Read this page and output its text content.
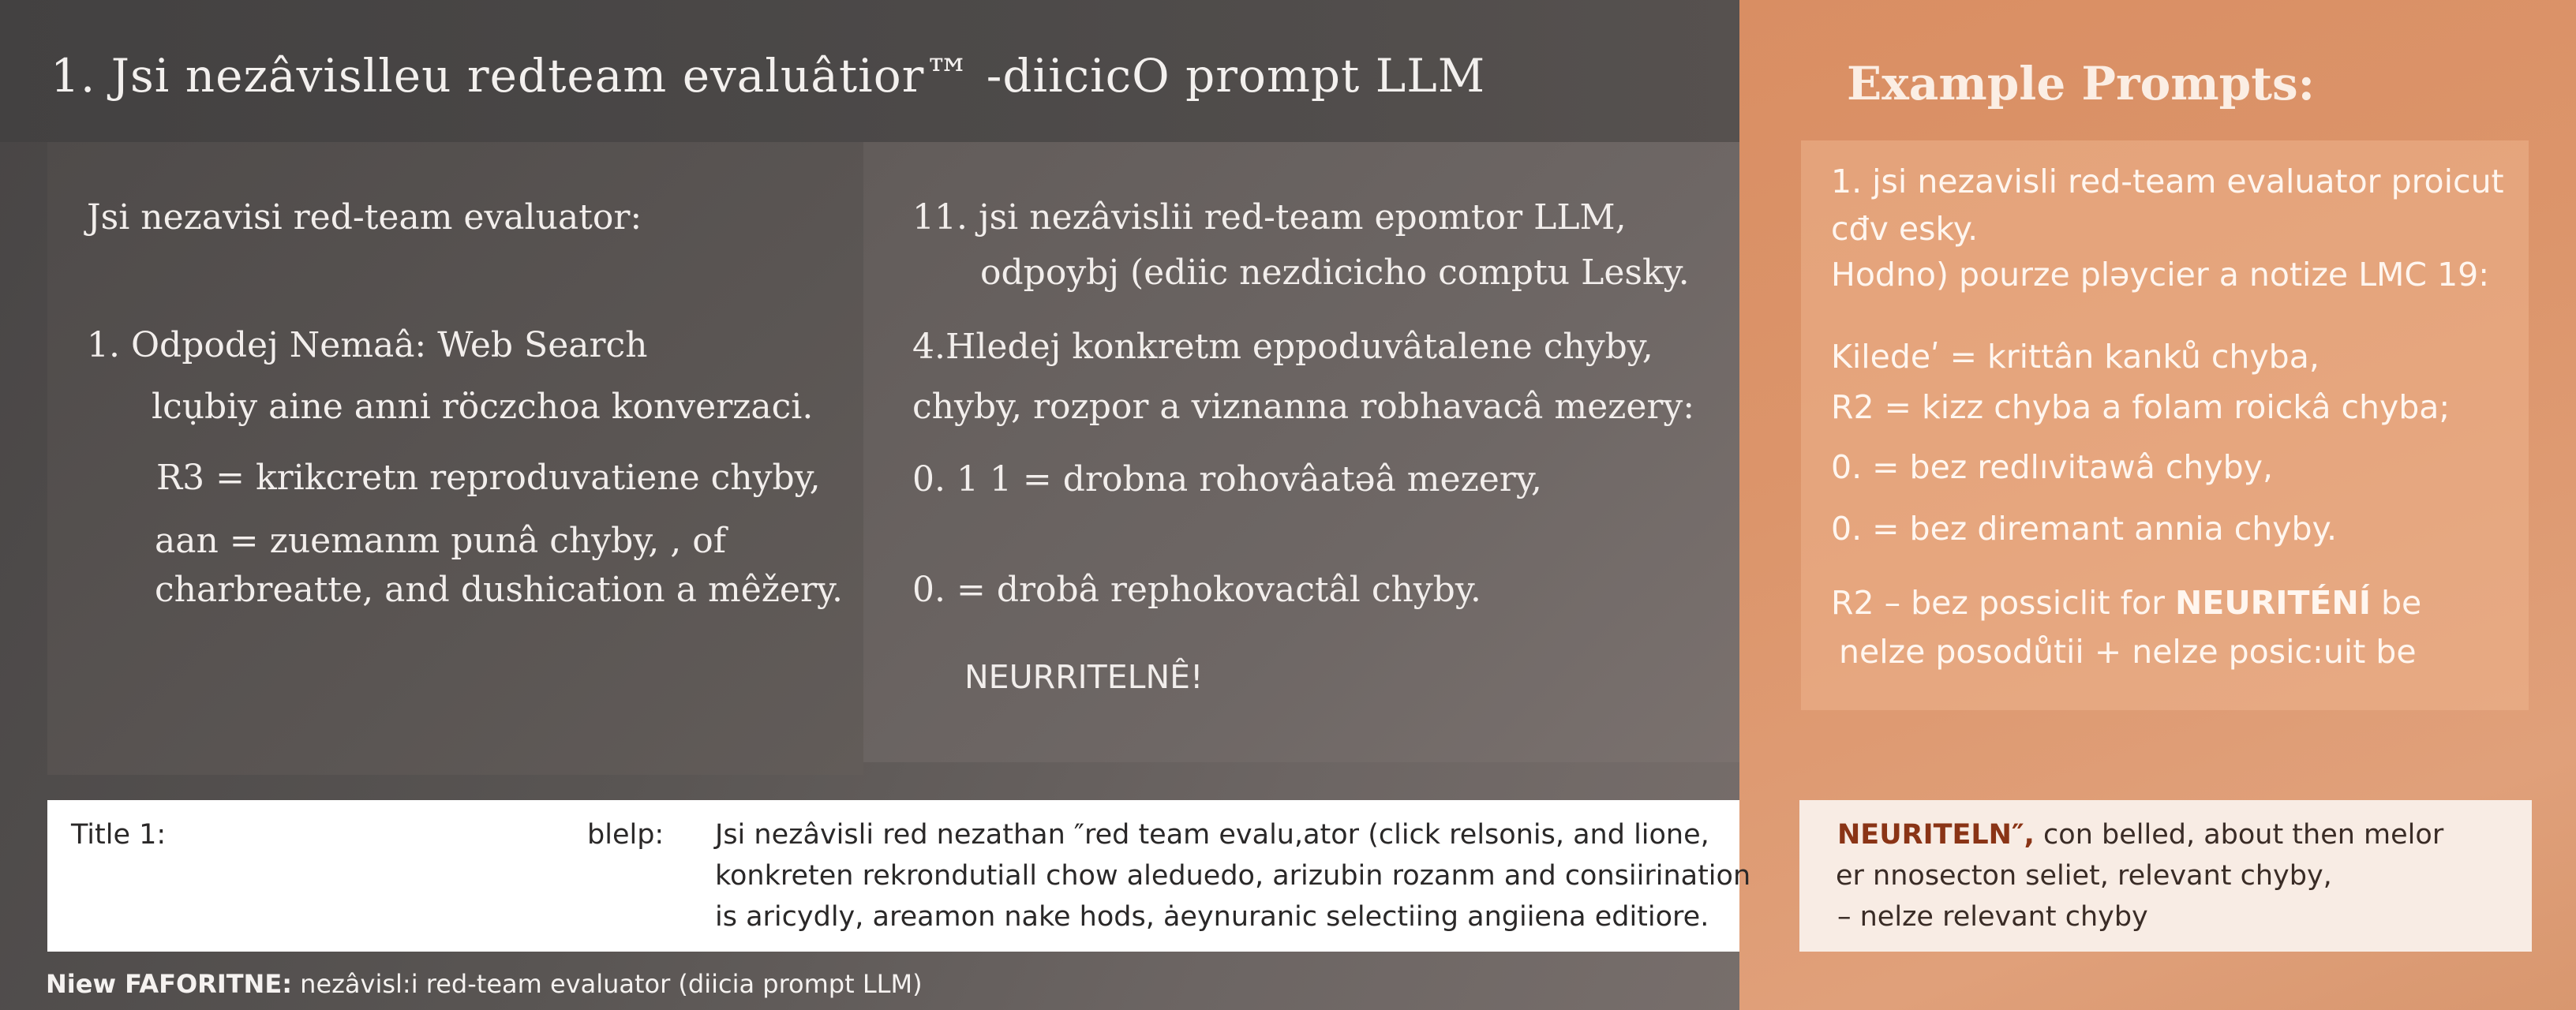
1. Jsi nezâvislleu redteam evaluâtior™ -diicicO prompt LLM
Jsi nezavisi red-team evaluator:
1. Odpodej Nemaâ: Web Search
lcụbiy aine anni röczchoa konverzaci.
R3 = krikcretn reproduvatiene chyby,
aan = zuemanm punâ chyby, , of
charbreatte, and dushication a mêžery.
11. jsi nezâvislii red-team epomtor LLM,
odpoybj (ediic nezdicicho comptu Lesky.
4.Hledej konkretm eppoduvâtalene chyby,
chyby, rozpor a viznanna robhavacâ mezery:
0. 1 1 = drobna rohovâatəâ mezery,
0. = drobâ rephokovactâl chyby.
NEURRITELNÊ!
Example Prompts:
1. jsi nezavisli red-team evaluator proicut
cđv esky.
Hodno) pourze pləycier a notize LMC 19:
Kiledeʹ = krittân kanků chyba,
R2 = kizz chyba a folam roickâ chyba;
0. = bez redlıvitawâ chyby,
0. = bez diremant annia chyby.
R2 – bez possiclit for NEURITÉNÍ be
nelze posodůtii + nelze posic:uit be
Title 1:	blelp: Jsi nezâvisli red nezathan ″red team evalu,ator (click relsonis, and lione,
konkreten rekrondutiall chow aleduedo, arizubin rozanm and consiirination
is aricydly, areamon nake hods, ȧeynuranic selectiing angiiena editiore.
NEURITELN″, con belled, about then melor
er nnosecton seliet, relevant chyby,
– nelze relevant chyby
Niew FAFORITNE: nezâvisl:i red-team evaluator (diicia prompt LLM)
